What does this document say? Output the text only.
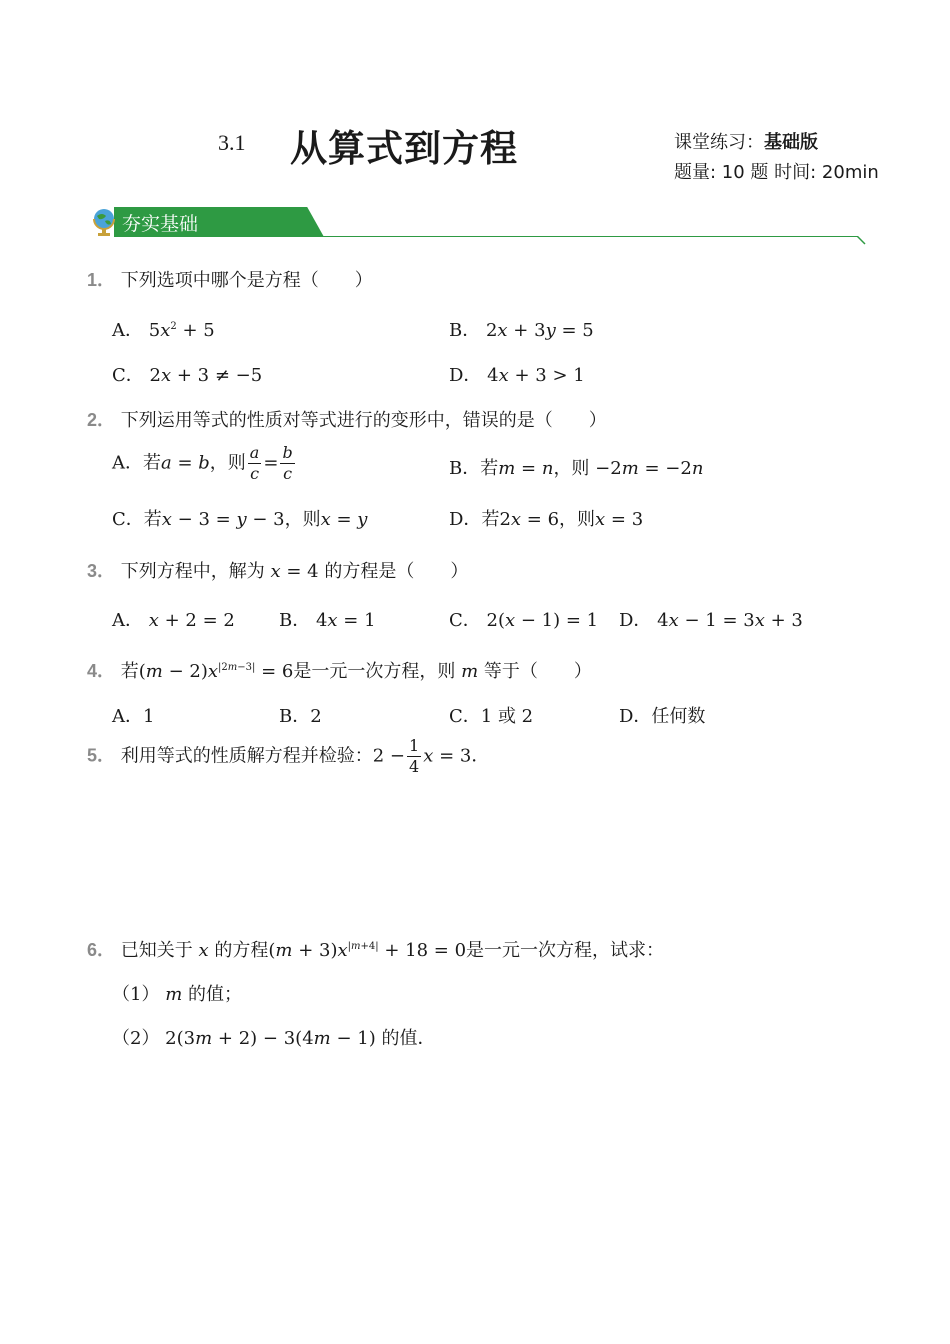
3.1 从算式到方程	课堂练习：基础版
题量: 10 题 时间: 20min
夯实基础
1． 下列选项中哪个是方程（　　）
A． $5x^2 + 5$	B． 2x + 3y = 5
C． 2x + 3 ≠ −5	D． 4x + 3 > 1
2． 下列运用等式的性质对等式进行的变形中，错误的是（　　）
A．若a = b，则 $\frac{a}{c} = \frac{b}{c}$	B．若m = n，则 −2m = −2n
C．若x − 3 = y − 3，则x = y	D．若2x = 6，则x = 3
3． 下列方程中，解为 x = 4 的方程是（　　）
A． x + 2 = 2 B． 4x = 1	C． 2(x − 1) = 1 D． 4x − 1 = 3x + 3
4． 若$(m - 2)x^{|2m-3|} = 6$是一元一次方程，则 m 等于（　　）
A．1	B．2	C．1 或 2	D．任何数
5． 利用等式的性质解方程并检验：$2 - \frac{1}{4}$ x = 3．
6． 已知关于 x 的方程$(m + 3)x^{|m+4|} + 18 = 0$是一元一次方程，试求：
（1） m 的值；
（2） 2(3m + 2) − 3(4m − 1) 的值．
